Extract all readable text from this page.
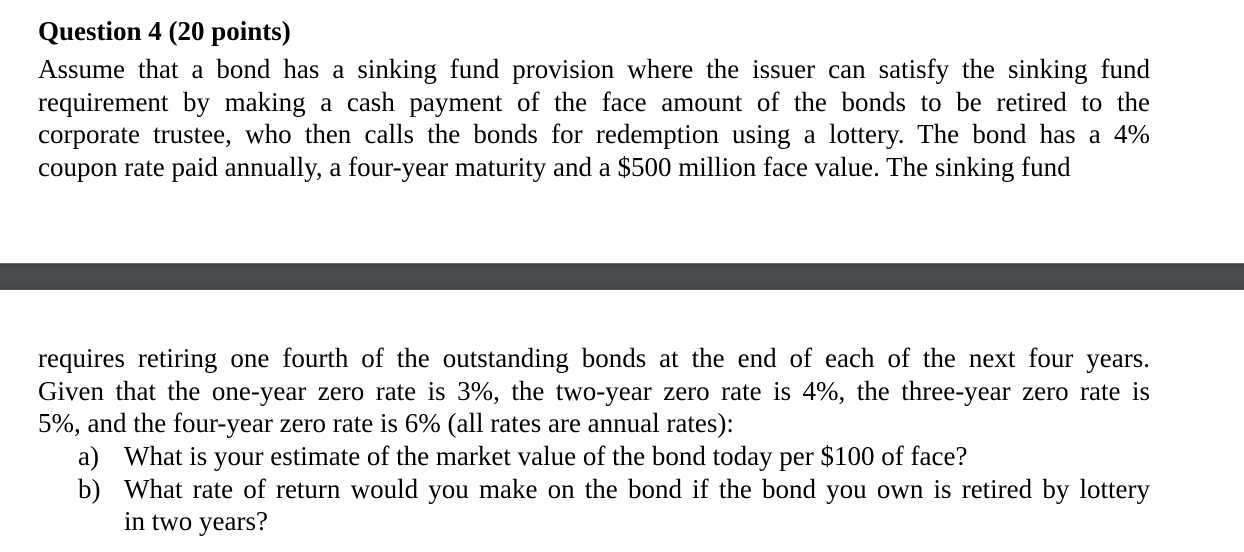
Question 4 (20 points)

Assume that a bond has a sinking fund provision where the issuer can satisfy the sinking fund
requirement by making a cash payment of the face amount of the bonds to be retired to the
corporate trustee, who then calls the bonds for redemption using a lottery. The bond has a 4%
coupon rate paid annually, a four-year maturity and a $500 million face value. The sinking fund

requires retiring one fourth of the outstanding bonds at the end of each of the next four years.
Given that the one-year zero rate is 3%, the two-year zero rate is 4%, the three-year zero rate is
5%, and the four-year zero rate is 6% (all rates are annual rates):

a) What is your estimate of the market value of the bond today per $100 of face?
b) What rate of return would you make on the bond if the bond you own is retired by lottery
in two years?
